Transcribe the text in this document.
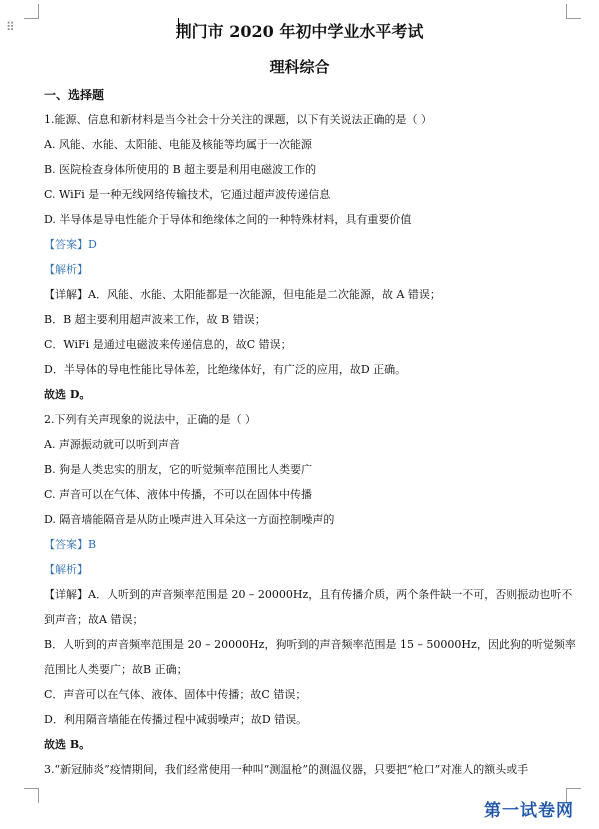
⠿	荆门市 2020 年初中学业水平考试
理科综合
一、选择题
1.能源、信息和新材料是当今社会十分关注的课题，以下有关说法正确的是（ ）
A. 风能、水能、太阳能、电能及核能等均属于一次能源
B. 医院检查身体所使用的 B 超主要是利用电磁波工作的
C. WiFi 是一种无线网络传输技术，它通过超声波传递信息
D. 半导体是导电性能介于导体和绝缘体之间的一种特殊材料，具有重要价值
【答案】D
【解析】
【详解】A．风能、水能、太阳能都是一次能源，但电能是二次能源，故 A 错误；
B．B 超主要利用超声波来工作，故 B 错误；
C．WiFi 是通过电磁波来传递信息的，故C 错误；
D．半导体的导电性能比导体差，比绝缘体好，有广泛的应用，故D 正确。
故选 D。
2.下列有关声现象的说法中，正确的是（ ）
A. 声源振动就可以听到声音
B. 狗是人类忠实的朋友，它的听觉频率范围比人类要广
C. 声音可以在气体、液体中传播，不可以在固体中传播
D. 隔音墙能隔音是从防止噪声进入耳朵这一方面控制噪声的
【答案】B
【解析】
【详解】A．人听到的声音频率范围是 20 – 20000Hz，且有传播介质，两个条件缺一不可，否则振动也听不
到声音；故A 错误；
B．人听到的声音频率范围是 20 – 20000Hz，狗听到的声音频率范围是 15 – 50000Hz，因此狗的听觉频率
范围比人类要广；故B 正确；
C．声音可以在气体、液体、固体中传播；故C 错误；
D．利用隔音墙能在传播过程中减弱噪声；故D 错误。
故选 B。
3.“新冠肺炎”疫情期间，我们经常使用一种叫“测温枪”的测温仪器，只要把“枪口”对准人的额头或手
第一试卷网
